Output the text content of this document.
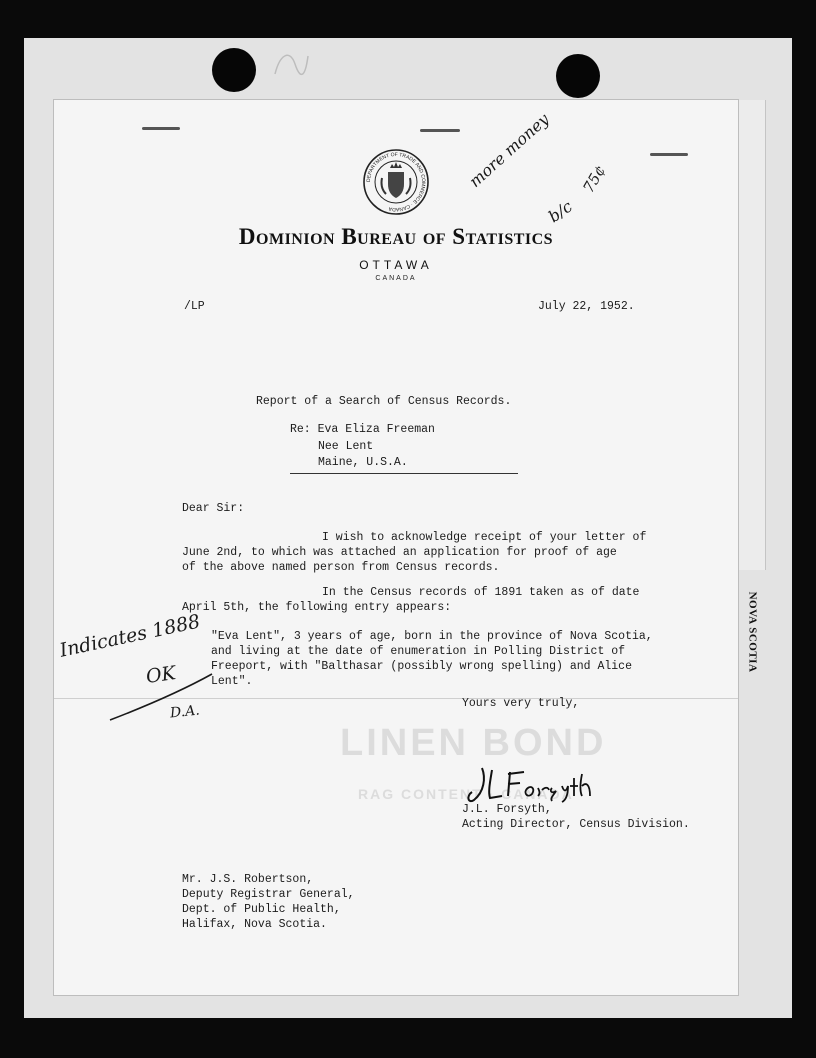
NOVA SCOTIA
LINEN BOND
RAG CONTENT · CANADA
DEPARTMENT OF TRADE AND COMMERCE · CANADA
Dominion Bureau of Statistics
OTTAWA
CANADA
/LP	July 22, 1952.
Report of a Search of Census Records.
Re: Eva Eliza Freeman
Nee Lent
Maine, U.S.A.
Dear Sir:
I wish to acknowledge receipt of your letter of
June 2nd, to which was attached an application for proof of age
of the above named person from Census records.
In the Census records of 1891 taken as of date
April 5th, the following entry appears:
"Eva Lent", 3 years of age, born in the province of Nova Scotia,
and living at the date of enumeration in Polling District of
Freeport, with "Balthasar (possibly wrong spelling) and Alice
Lent".
Yours very truly,
J.L. Forsyth,
Acting Director, Census Division.
Mr. J.S. Robertson,
Deputy Registrar General,
Dept. of Public Health,
Halifax, Nova Scotia.
more money
b/c
75¢
Indicates 1888
OK
D.A.
